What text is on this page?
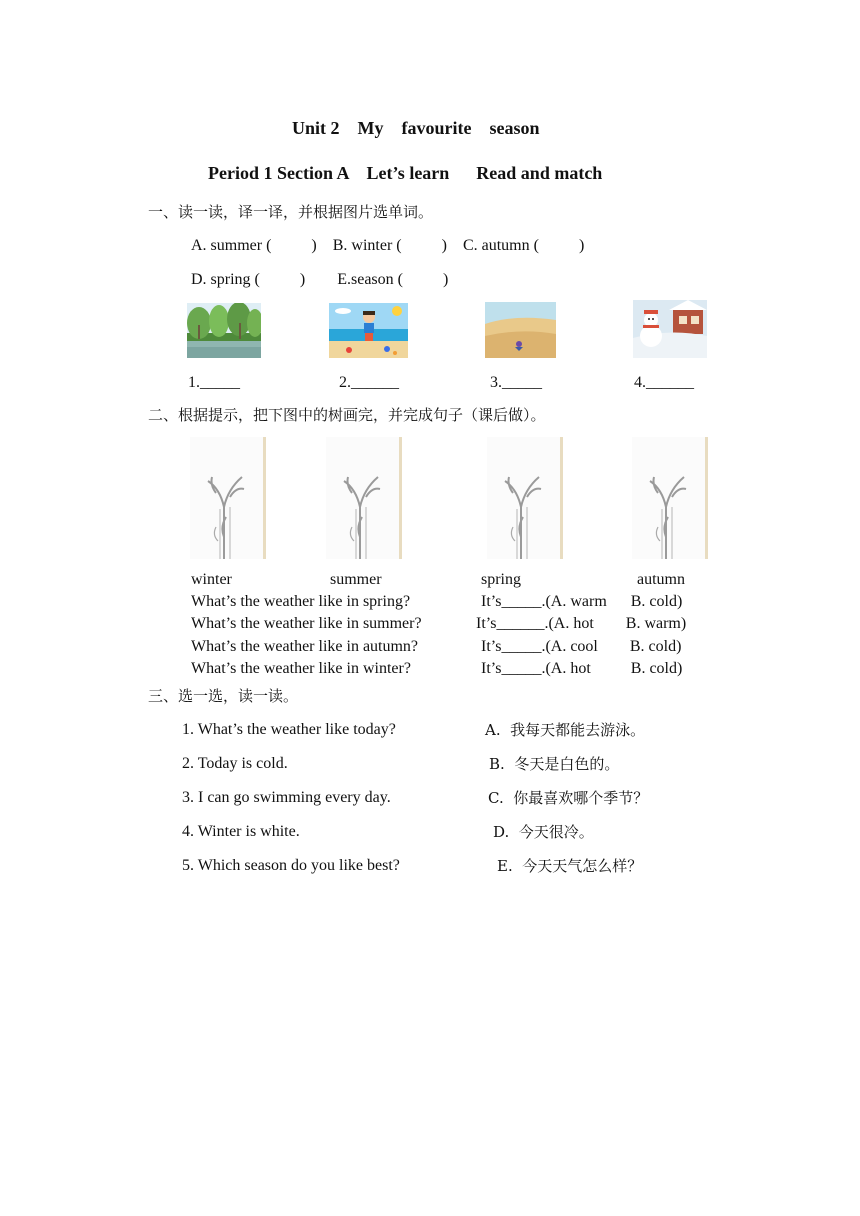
Unit 2    My    favourite    season
Period 1 Section A    Let’s learn      Read and match
一、读一读，译一译，并根据图片选单词。
A. summer (          )    B. winter (          )    C. autumn (          )
D. spring (          )        E.season (          )
1._____	2.______	3._____	4.______
二、根据提示，把下图中的树画完，并完成句子（课后做）。
winter	summer	spring	autumn
What’s the weather like in spring?	It’s_____.(A. warm      B. cold)
What’s the weather like in summer?	It’s______.(A. hot        B. warm)
What’s the weather like in autumn?	It’s_____.(A. cool        B. cold)
What’s the weather like in winter?	It’s_____.(A. hot          B. cold)
三、选一选，读一读。
1. What’s the weather like today?	A.  我每天都能去游泳。
2. Today is cold.	B.  冬天是白色的。
3. I can go swimming every day.	C.  你最喜欢哪个季节？
4. Winter is white.	D.  今天很冷。
5. Which season do you like best?	E.  今天天气怎么样？
